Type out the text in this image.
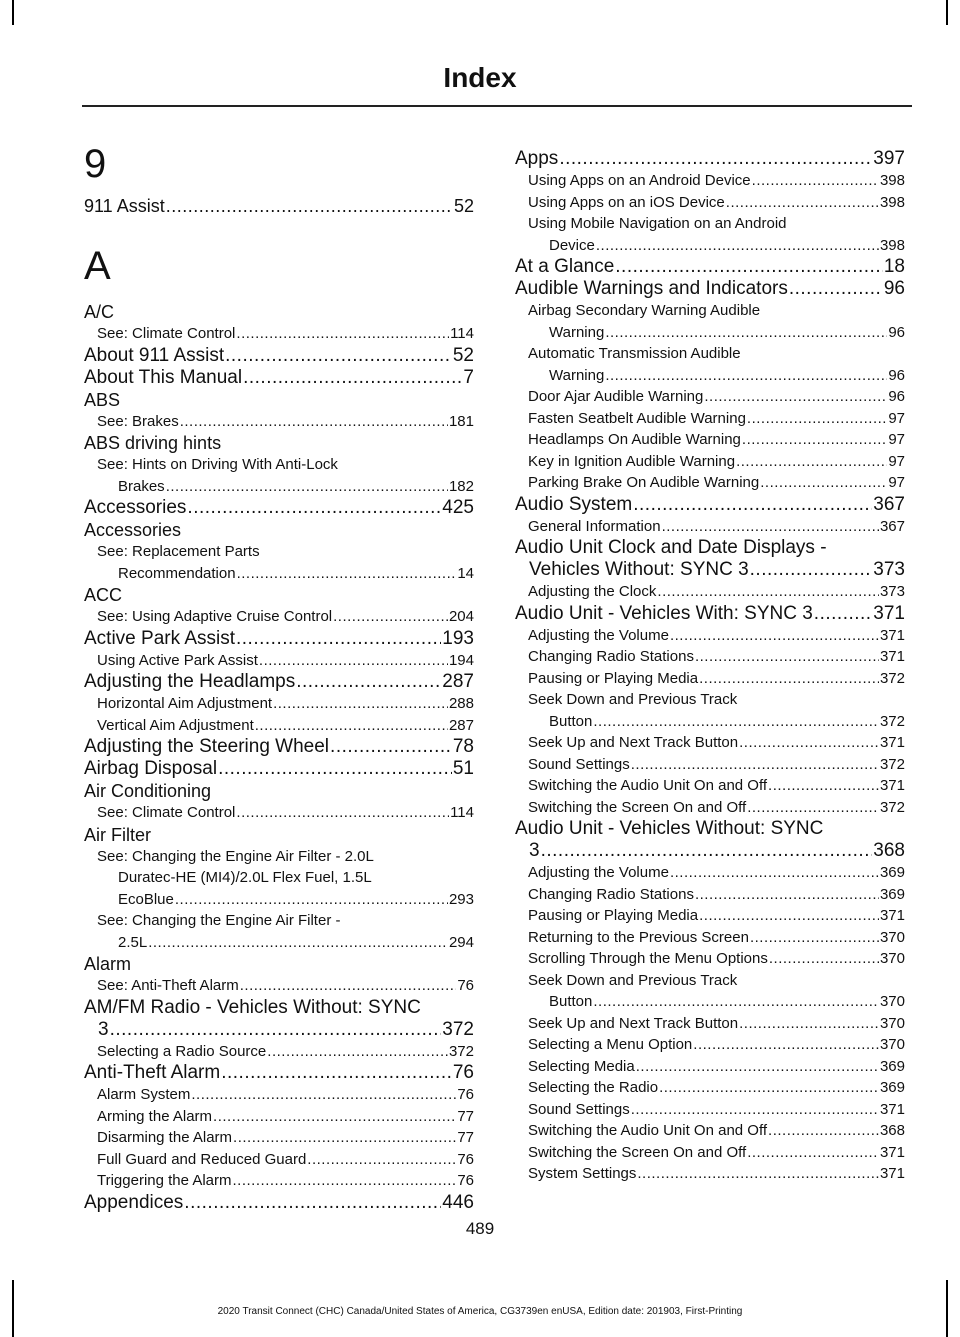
Index
9
911 Assist .....	52
A
A/C
See: Climate Control .....	114
About 911 Assist .....	52
About This Manual .....	7
ABS
See: Brakes .....	181
ABS driving hints
See: Hints on Driving With Anti-Lock
Brakes .....	182
Accessories .....	425
Accessories
See: Replacement Parts
Recommendation .....	14
ACC
See: Using Adaptive Cruise Control .....	204
Active Park Assist .....	193
Using Active Park Assist .....	194
Adjusting the Headlamps .....	287
Horizontal Aim Adjustment .....	288
Vertical Aim Adjustment .....	287
Adjusting the Steering Wheel .....	78
Airbag Disposal .....	51
Air Conditioning
See: Climate Control .....	114
Air Filter
See: Changing the Engine Air Filter - 2.0L
Duratec-HE (MI4)/2.0L Flex Fuel, 1.5L
EcoBlue .....	293
See: Changing the Engine Air Filter -
2.5L .....	294
Alarm
See: Anti-Theft Alarm .....	76
AM/FM Radio - Vehicles Without: SYNC
3 .....	372
Selecting a Radio Source .....	372
Anti-Theft Alarm .....	76
Alarm System .....	76
Arming the Alarm .....	77
Disarming the Alarm .....	77
Full Guard and Reduced Guard .....	76
Triggering the Alarm .....	76
Appendices .....	446
Apps .....	397
Using Apps on an Android Device .....	398
Using Apps on an iOS Device .....	398
Using Mobile Navigation on an Android
Device .....	398
At a Glance .....	18
Audible Warnings and Indicators .....	96
Airbag Secondary Warning Audible
Warning .....	96
Automatic Transmission Audible
Warning .....	96
Door Ajar Audible Warning .....	96
Fasten Seatbelt Audible Warning .....	97
Headlamps On Audible Warning .....	97
Key in Ignition Audible Warning .....	97
Parking Brake On Audible Warning .....	97
Audio System .....	367
General Information .....	367
Audio Unit Clock and Date Displays -
Vehicles Without: SYNC 3 .....	373
Adjusting the Clock .....	373
Audio Unit - Vehicles With: SYNC 3 .....	371
Adjusting the Volume .....	371
Changing Radio Stations .....	371
Pausing or Playing Media .....	372
Seek Down and Previous Track
Button .....	372
Seek Up and Next Track Button .....	371
Sound Settings .....	372
Switching the Audio Unit On and Off .....	371
Switching the Screen On and Off .....	372
Audio Unit - Vehicles Without: SYNC
3 .....	368
Adjusting the Volume .....	369
Changing Radio Stations .....	369
Pausing or Playing Media .....	371
Returning to the Previous Screen .....	370
Scrolling Through the Menu Options .....	370
Seek Down and Previous Track
Button .....	370
Seek Up and Next Track Button .....	370
Selecting a Menu Option .....	370
Selecting Media .....	369
Selecting the Radio .....	369
Sound Settings .....	371
Switching the Audio Unit On and Off .....	368
Switching the Screen On and Off .....	371
System Settings .....	371
489
2020 Transit Connect (CHC) Canada/United States of America, CG3739en enUSA, Edition date: 201903, First-Printing
